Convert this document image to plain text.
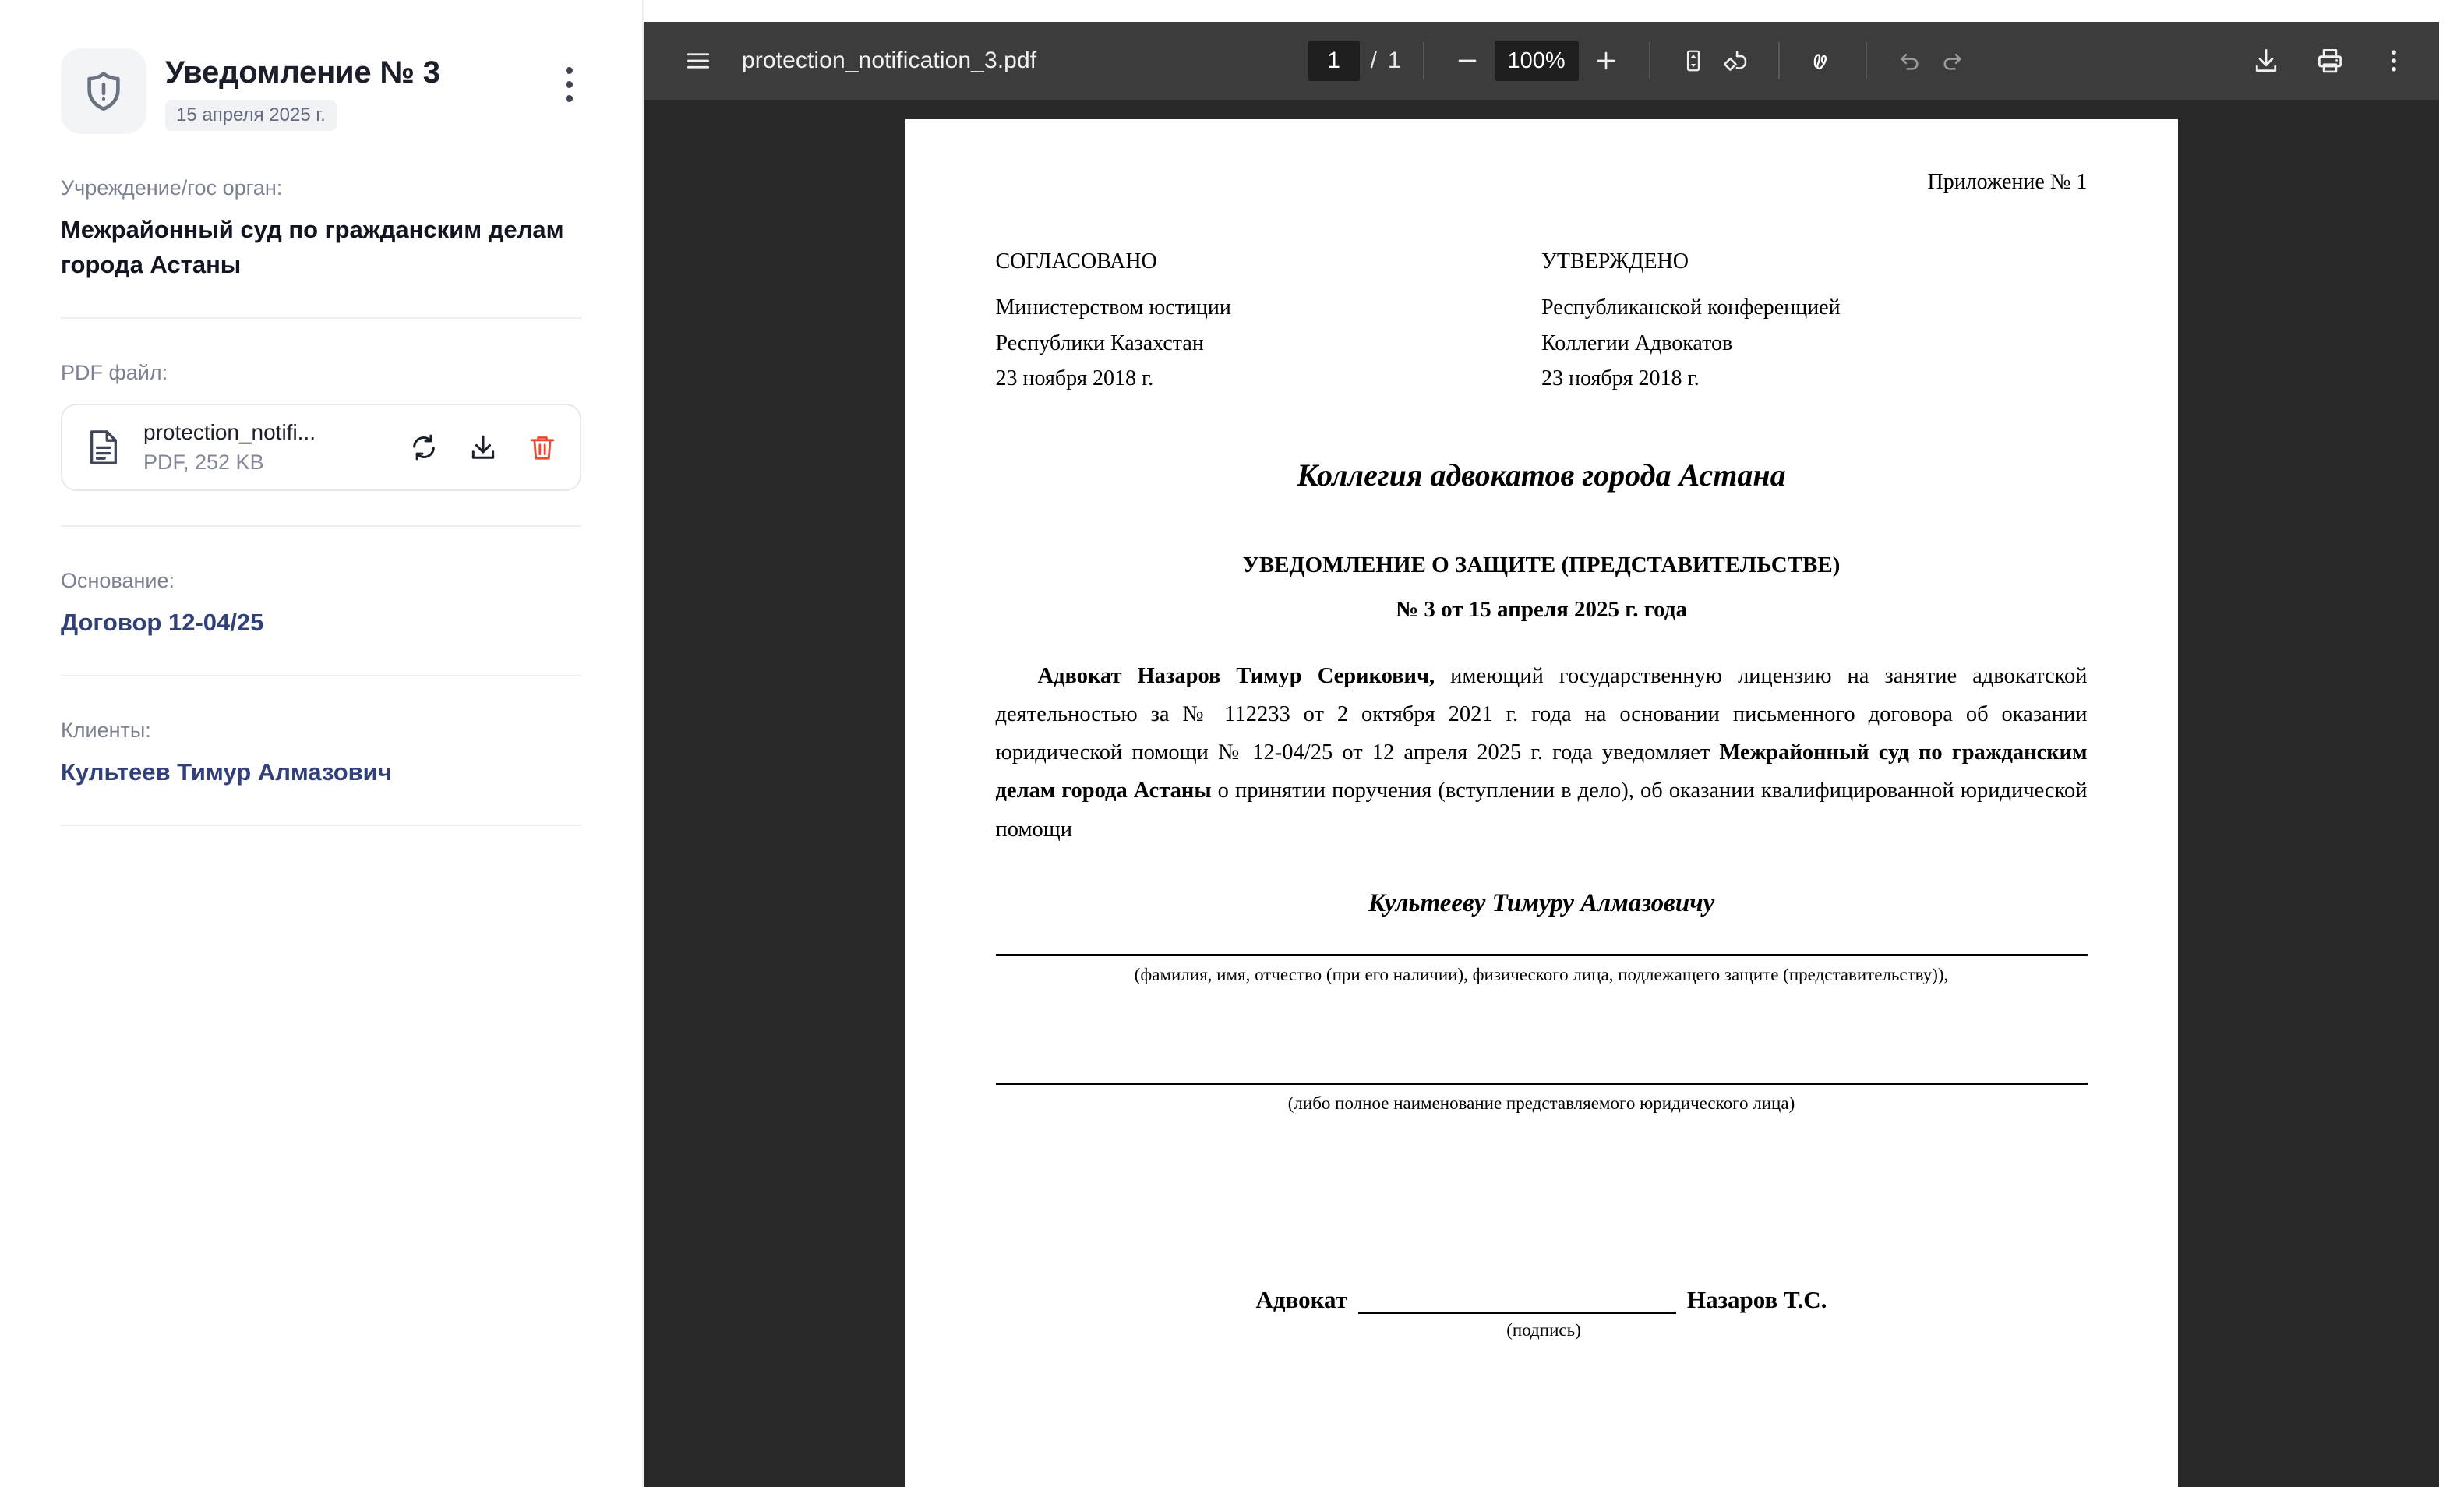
Уведомление № 3
15 апреля 2025 г.
Учреждение/гос орган:
Межрайонный суд по гражданским делам города Астаны
PDF файл:
protection_notifi...
PDF, 252 KB
Основание:
Договор 12-04/25
Клиенты:
Культеев Тимур Алмазович
protection_notification_3.pdf	1	/ 1	100%
Приложение № 1
СОГЛАСОВАНО
Министерством юстиции
Республики Казахстан
23 ноября 2018 г.
УТВЕРЖДЕНО
Республиканской конференцией
Коллегии Адвокатов
23 ноября 2018 г.
Коллегия адвокатов города Астана
УВЕДОМЛЕНИЕ О ЗАЩИТЕ (ПРЕДСТАВИТЕЛЬСТВЕ)
№ 3 от 15 апреля 2025 г. года

Адвокат Назаров Тимур Серикович, имеющий государственную лицензию на занятие адвокатской деятельностью за № 112233 от 2 октября 2021 г. года на основании письменного договора об оказании юридической помощи № 12-04/25 от 12 апреля 2025 г. года уведомляет Межрайонный суд по гражданским делам города Астаны о принятии поручения (вступлении в дело), об оказании квалифицированной юридической помощи

Культееву Тимуру Алмазовичу
(фамилия, имя, отчество (при его наличии), физического лица, подлежащего защите (представительству)),
(либо полное наименование представляемого юридического лица)
Адвокат	Назаров Т.С.
(подпись)
